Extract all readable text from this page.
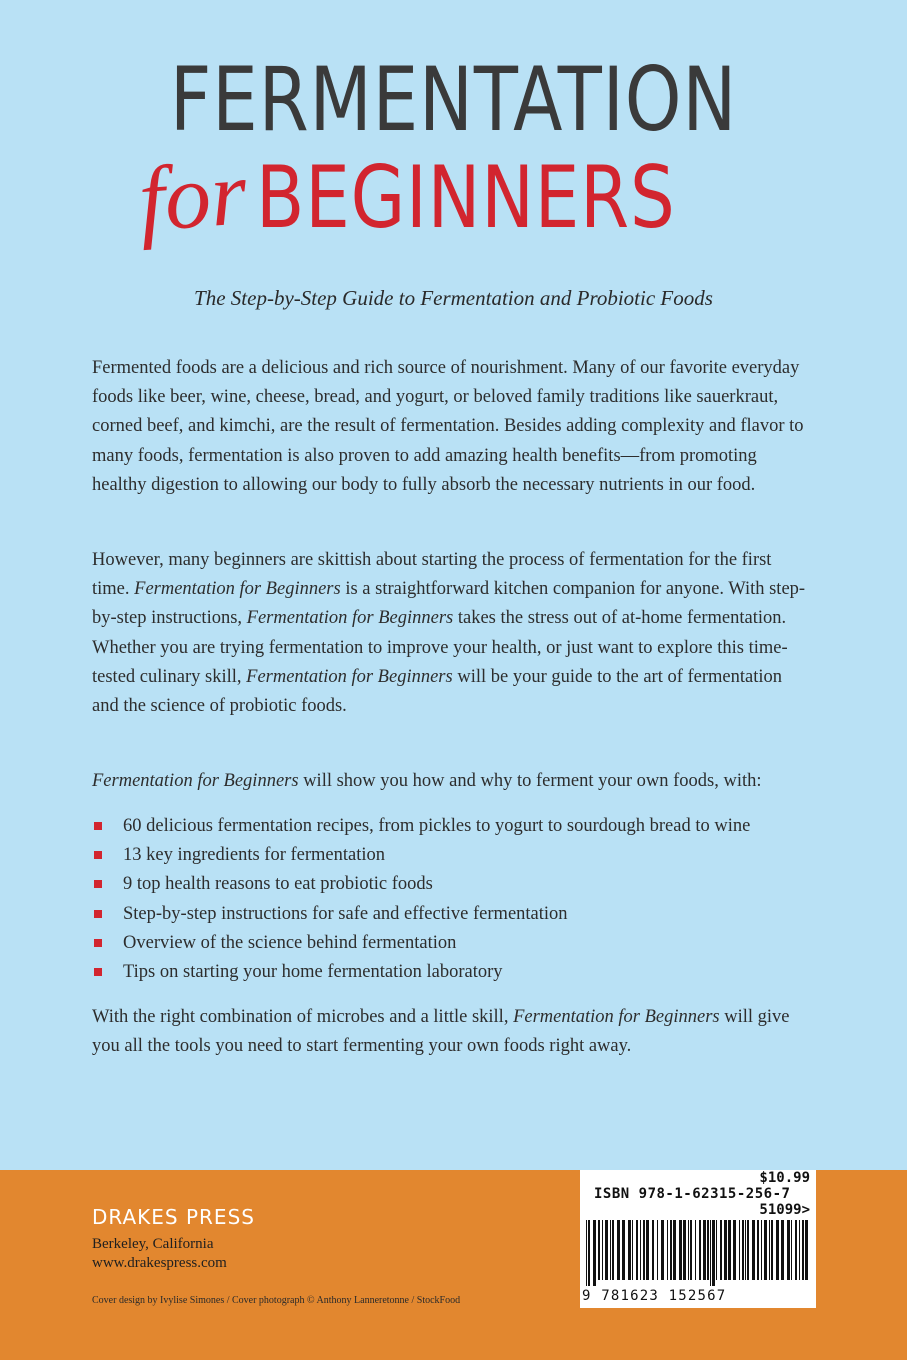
FERMENTATION
forBEGINNERS
The Step-by-Step Guide to Fermentation and Probiotic Foods
Fermented foods are a delicious and rich source of nourishment. Many of our favorite everyday foods like beer, wine, cheese, bread, and yogurt, or beloved family traditions like sauerkraut, corned beef, and kimchi, are the result of fermentation. Besides adding complexity and flavor to many foods, fermentation is also proven to add amazing health benefits—from promoting healthy digestion to allowing our body to fully absorb the necessary nutrients in our food.
However, many beginners are skittish about starting the process of fermentation for the first time. Fermentation for Beginners is a straightforward kitchen companion for anyone. With step-by-step instructions, Fermentation for Beginners takes the stress out of at-home fermentation. Whether you are trying fermentation to improve your health, or just want to explore this time-tested culinary skill, Fermentation for Beginners will be your guide to the art of fermentation and the science of probiotic foods.
Fermentation for Beginners will show you how and why to ferment your own foods, with:
60 delicious fermentation recipes, from pickles to yogurt to sourdough bread to wine
13 key ingredients for fermentation
9 top health reasons to eat probiotic foods
Step-by-step instructions for safe and effective fermentation
Overview of the science behind fermentation
Tips on starting your home fermentation laboratory
With the right combination of microbes and a little skill, Fermentation for Beginners will give you all the tools you need to start fermenting your own foods right away.
DRAKES PRESS
Berkeley, California
www.drakespress.com
Cover design by Ivylise Simones / Cover photograph © Anthony Lanneretonne / StockFood
$10.99
ISBN 978-1-62315-256-7
51099>
9 781623 152567
